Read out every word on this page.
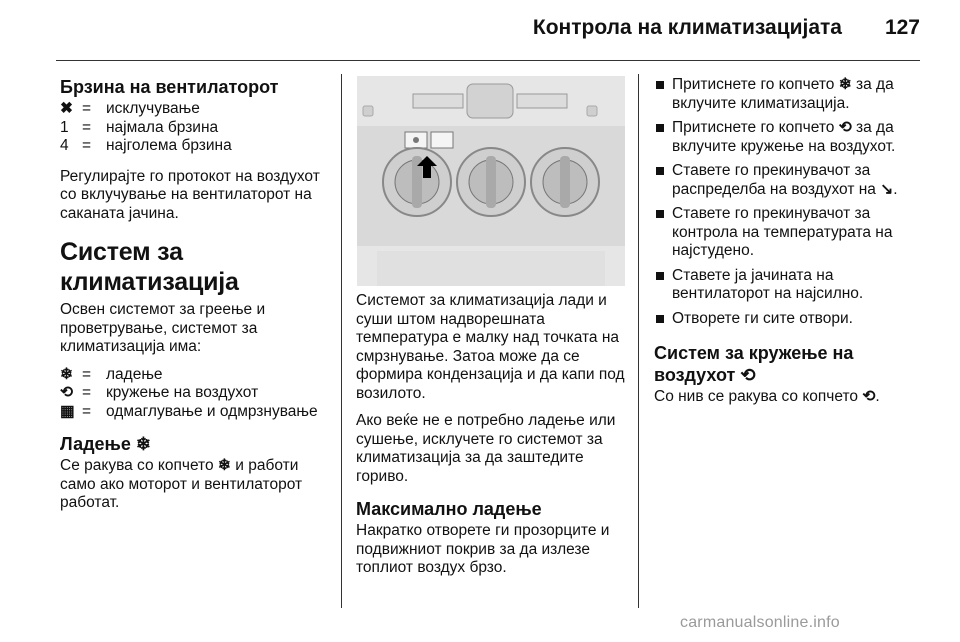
Контрола на климатизацијата 127
Брзина на вентилаторот
✖ = исклучување
1 = најмала брзина
4 = најголема брзина

Регулирајте го протокот на воздухот со вклучување на вентилаторот на саканата јачина.

Систем за климатизација

Освен системот за греење и проветрување, системот за климатизација има:

❄ = ладење
⟲ = кружење на воздухот
▦ = одмаглување и одмрзнување
Ладење ❄

Се ракува со копчето ❄ и работи само ако моторот и вентилаторот работат.

Системот за климатизација лади и суши штом надворешната температура е малку над точката на смрзнување. Затоа може да се формира кондензација и да капи под возилото.

Ако веќе не е потребно ладење или сушење, исклучете го системот за климатизација за да заштедите гориво.

Максимално ладење

Накратко отворете ги прозорците и подвижниот покрив за да излезе топлиот воздух брзо.

Притиснете го копчето ❄ за да вклучите климатизација.
Притиснете го копчето ⟲ за да вклучите кружење на воздухот.
Ставете го прекинувачот за распределба на воздухот на ↘.
Ставете го прекинувачот за контрола на температурата на најстудено.
Ставете ја јачината на вентилаторот на најсилно.
Отворете ги сите отвори.
Систем за кружење на воздухот ⟲

Со нив се ракува со копчето ⟲.

carmanualsonline.info
